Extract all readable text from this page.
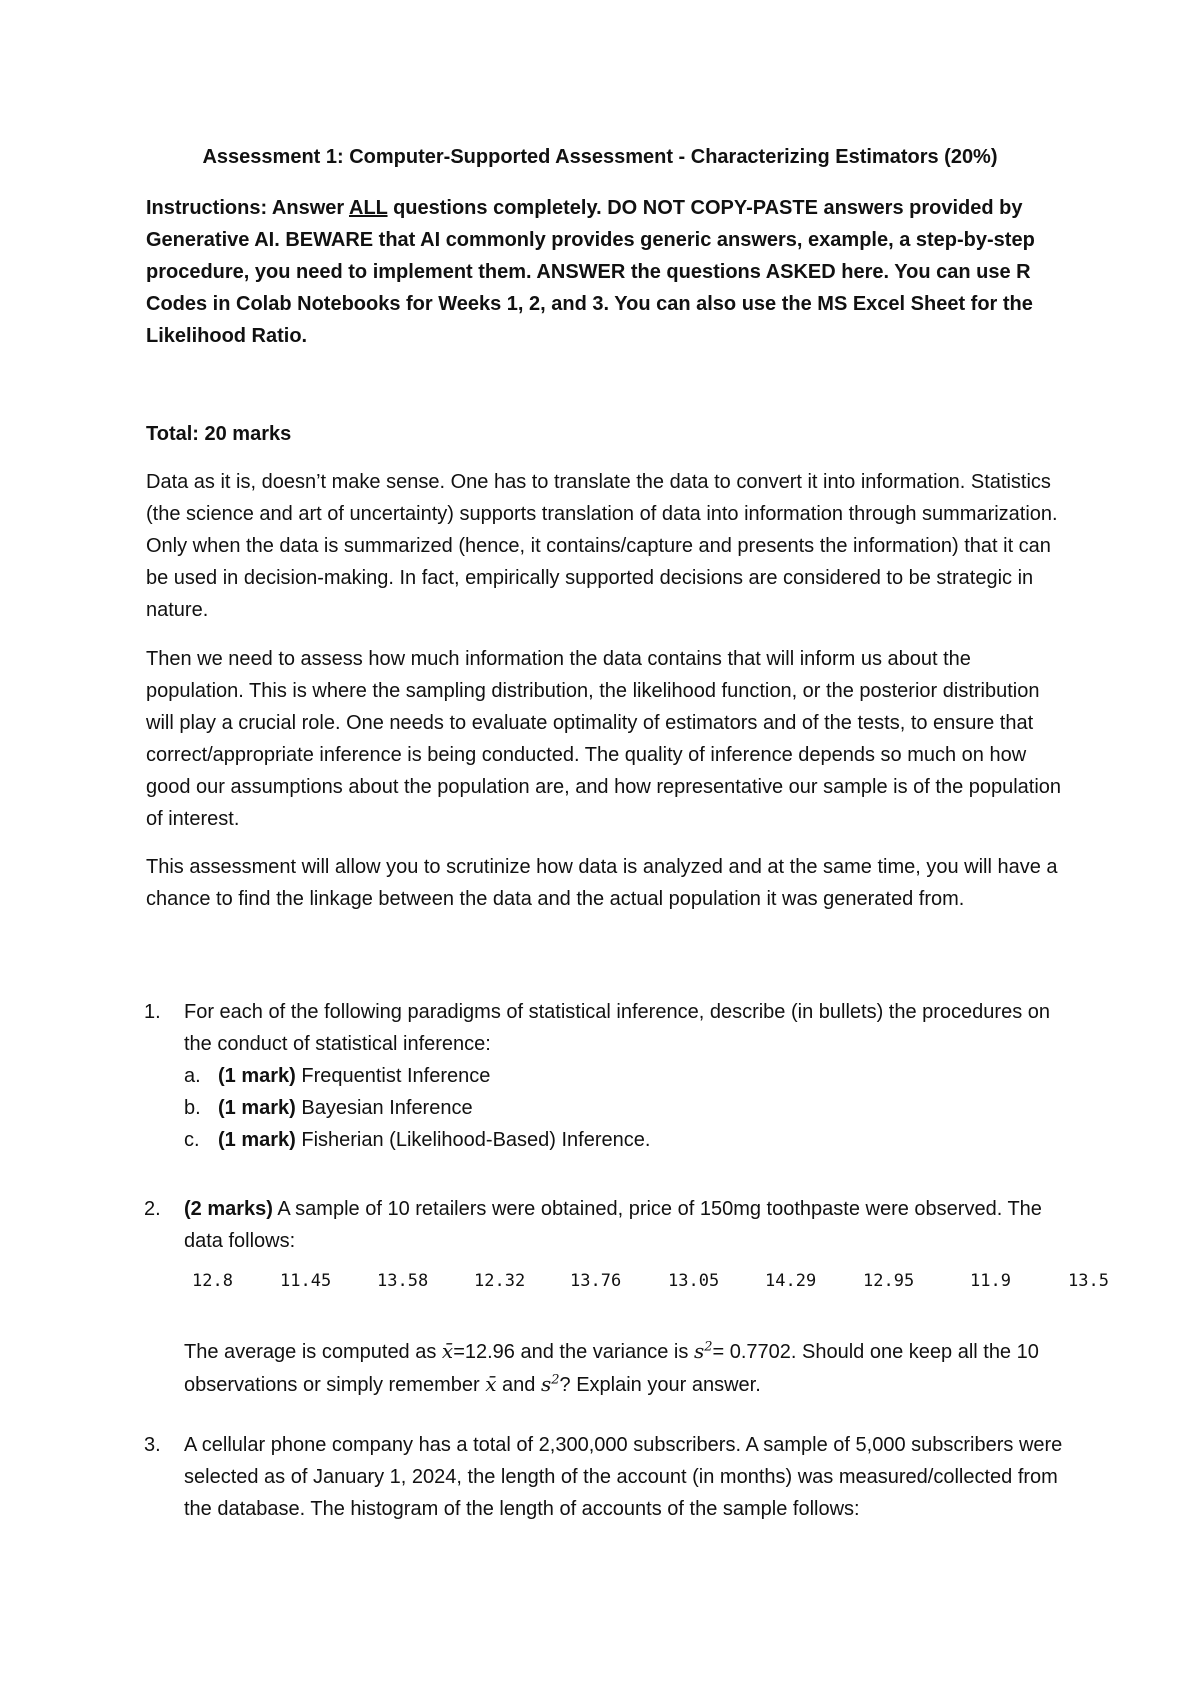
Assessment 1: Computer-Supported Assessment - Characterizing Estimators (20%)
Instructions: Answer ALL questions completely. DO NOT COPY-PASTE answers provided by Generative AI. BEWARE that AI commonly provides generic answers, example, a step-by-step procedure, you need to implement them. ANSWER the questions ASKED here. You can use R Codes in Colab Notebooks for Weeks 1, 2, and 3. You can also use the MS Excel Sheet for the Likelihood Ratio.
Total: 20 marks
Data as it is, doesn’t make sense. One has to translate the data to convert it into information. Statistics (the science and art of uncertainty) supports translation of data into information through summarization. Only when the data is summarized (hence, it contains/capture and presents the information) that it can be used in decision-making. In fact, empirically supported decisions are considered to be strategic in nature.
Then we need to assess how much information the data contains that will inform us about the population. This is where the sampling distribution, the likelihood function, or the posterior distribution will play a crucial role. One needs to evaluate optimality of estimators and of the tests, to ensure that correct/appropriate inference is being conducted. The quality of inference depends so much on how good our assumptions about the population are, and how representative our sample is of the population of interest.
This assessment will allow you to scrutinize how data is analyzed and at the same time, you will have a chance to find the linkage between the data and the actual population it was generated from.
1. For each of the following paradigms of statistical inference, describe (in bullets) the procedures on the conduct of statistical inference:
a. (1 mark) Frequentist Inference
b. (1 mark) Bayesian Inference
c. (1 mark) Fisherian (Likelihood-Based) Inference.
2. (2 marks) A sample of 10 retailers were obtained, price of 150mg toothpaste were observed. The data follows:
12.8	11.45	13.58	12.32	13.76	13.05	14.29	12.95	11.9	13.5
The average is computed as x̄=12.96 and the variance is $s^2= 0.7702$. Should one keep all the 10 observations or simply remember x̄ and $s^2$? Explain your answer.
3. A cellular phone company has a total of 2,300,000 subscribers. A sample of 5,000 subscribers were selected as of January 1, 2024, the length of the account (in months) was measured/collected from the database. The histogram of the length of accounts of the sample follows:
